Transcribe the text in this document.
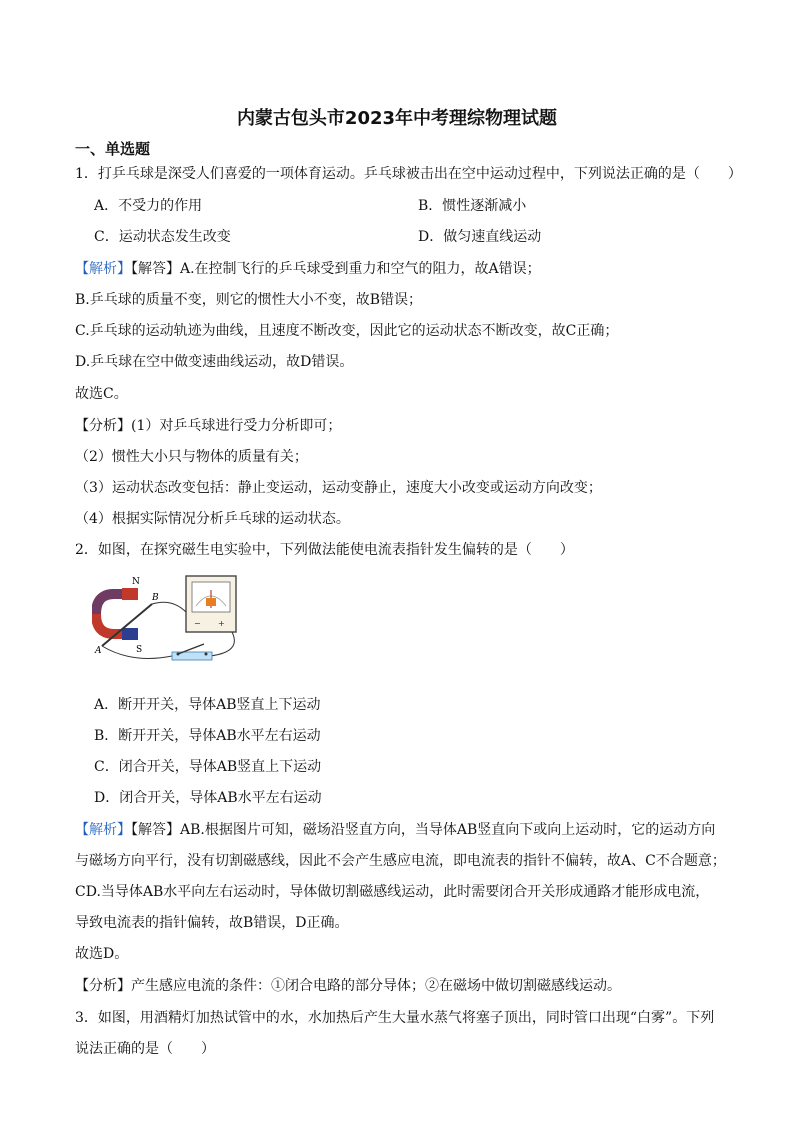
内蒙古包头市2023年中考理综物理试题
一、单选题
1．打乒乓球是深受人们喜爱的一项体育运动。乒乓球被击出在空中运动过程中，下列说法正确的是（　　）
A．不受力的作用	B．惯性逐渐减小
C．运动状态发生改变	D．做匀速直线运动
【解析】【解答】A.在控制飞行的乒乓球受到重力和空气的阻力，故A错误；
B.乒乓球的质量不变，则它的惯性大小不变，故B错误；
C.乒乓球的运动轨迹为曲线，且速度不断改变，因此它的运动状态不断改变，故C正确；
D.乒乓球在空中做变速曲线运动，故D错误。
故选C。
【分析】(1）对乒乓球进行受力分析即可；
（2）惯性大小只与物体的质量有关；
（3）运动状态改变包括：静止变运动，运动变静止，速度大小改变或运动方向改变；
（4）根据实际情况分析乒乓球的运动状态。
2．如图，在探究磁生电实验中，下列做法能使电流表指针发生偏转的是（　　）
N
S
A
B
− +
A．断开开关，导体AB竖直上下运动
B．断开开关，导体AB水平左右运动
C．闭合开关，导体AB竖直上下运动
D．闭合开关，导体AB水平左右运动
【解析】【解答】AB.根据图片可知，磁场沿竖直方向，当导体AB竖直向下或向上运动时，它的运动方向
与磁场方向平行，没有切割磁感线，因此不会产生感应电流，即电流表的指针不偏转，故A、C不合题意；
CD.当导体AB水平向左右运动时，导体做切割磁感线运动，此时需要闭合开关形成通路才能形成电流，
导致电流表的指针偏转，故B错误，D正确。
故选D。
【分析】产生感应电流的条件：①闭合电路的部分导体；②在磁场中做切割磁感线运动。
3．如图，用酒精灯加热试管中的水，水加热后产生大量水蒸气将塞子顶出，同时管口出现“白雾”。下列
说法正确的是（　　）
